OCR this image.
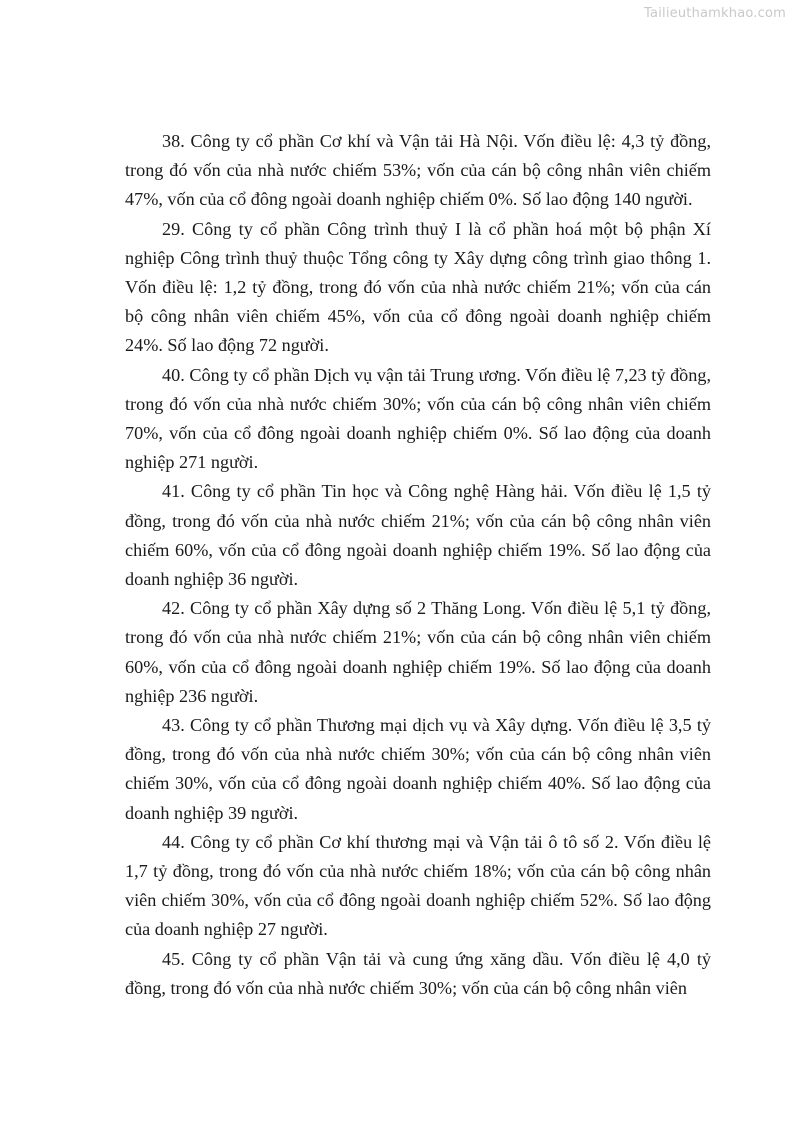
Tailieuthamkhao.com

38. Công ty cổ phần Cơ khí và Vận tải Hà Nội. Vốn điều lệ: 4,3 tỷ đồng, trong đó vốn của nhà nước chiếm 53%; vốn của cán bộ công nhân viên chiếm 47%, vốn của cổ đông ngoài doanh nghiệp chiếm 0%. Số lao động 140 người.

29. Công ty cổ phần Công trình thuỷ I là cổ phần hoá một bộ phận Xí nghiệp Công trình thuỷ thuộc Tổng công ty Xây dựng công trình giao thông 1. Vốn điều lệ: 1,2 tỷ đồng, trong đó vốn của nhà nước chiếm 21%; vốn của cán bộ công nhân viên chiếm 45%, vốn của cổ đông ngoài doanh nghiệp chiếm 24%. Số lao động 72 người.

40. Công ty cổ phần Dịch vụ vận tải Trung ương. Vốn điều lệ 7,23 tỷ đồng, trong đó vốn của nhà nước chiếm 30%; vốn của cán bộ công nhân viên chiếm 70%, vốn của cổ đông ngoài doanh nghiệp chiếm 0%. Số lao động của doanh nghiệp 271 người.

41. Công ty cổ phần Tin học và Công nghệ Hàng hải. Vốn điều lệ 1,5 tỷ đồng, trong đó vốn của nhà nước chiếm 21%; vốn của cán bộ công nhân viên chiếm 60%, vốn của cổ đông ngoài doanh nghiệp chiếm 19%. Số lao động của doanh nghiệp 36 người.

42. Công ty cổ phần Xây dựng số 2 Thăng Long. Vốn điều lệ 5,1 tỷ đồng, trong đó vốn của nhà nước chiếm 21%; vốn của cán bộ công nhân viên chiếm 60%, vốn của cổ đông ngoài doanh nghiệp chiếm 19%. Số lao động của doanh nghiệp 236 người.

43. Công ty cổ phần Thương mại dịch vụ và Xây dựng. Vốn điều lệ 3,5 tỷ đồng, trong đó vốn của nhà nước chiếm 30%; vốn của cán bộ công nhân viên chiếm 30%, vốn của cổ đông ngoài doanh nghiệp chiếm 40%. Số lao động của doanh nghiệp 39 người.

44. Công ty cổ phần Cơ khí thương mại và Vận tải ô tô số 2. Vốn điều lệ 1,7 tỷ đồng, trong đó vốn của nhà nước chiếm 18%; vốn của cán bộ công nhân viên chiếm 30%, vốn của cổ đông ngoài doanh nghiệp chiếm 52%. Số lao động của doanh nghiệp 27 người.

45. Công ty cổ phần Vận tải và cung ứng xăng dầu. Vốn điều lệ 4,0 tỷ đồng, trong đó vốn của nhà nước chiếm 30%; vốn của cán bộ công nhân viên
